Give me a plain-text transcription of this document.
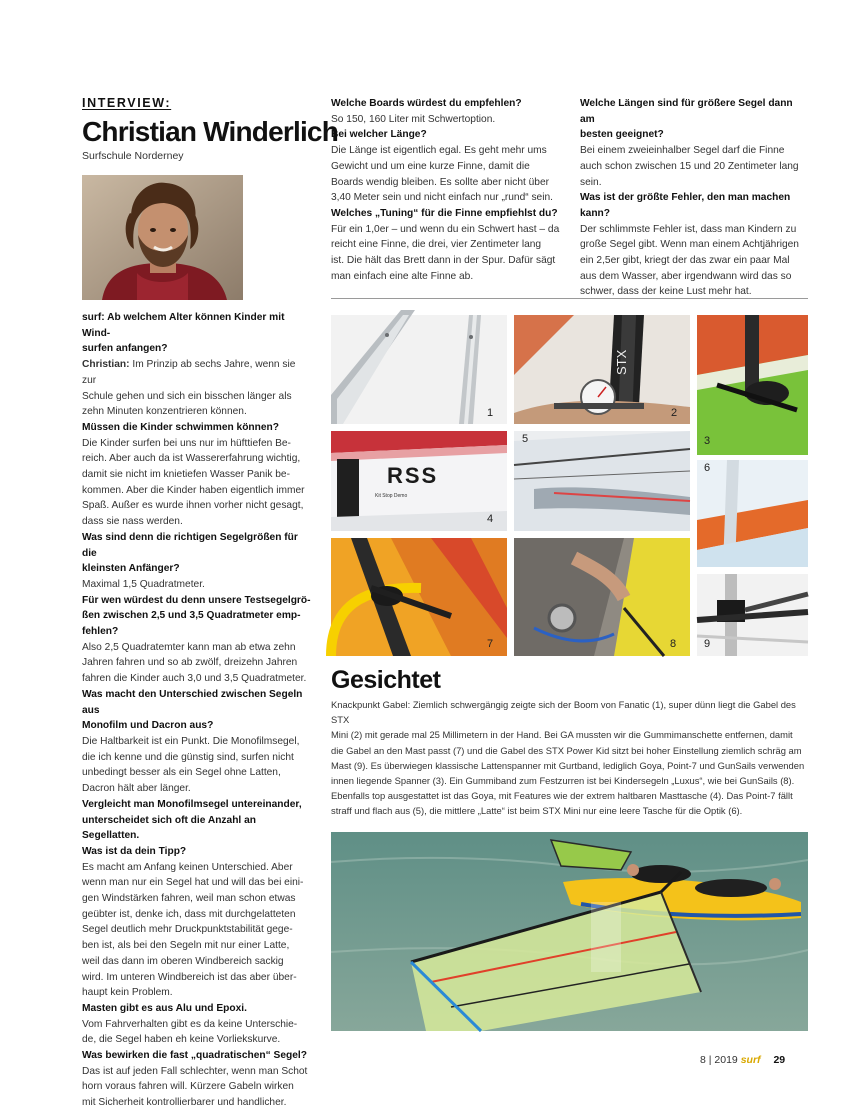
INTERVIEW:
Christian Winderlich
Surfschule Norderney

surf: Ab welchem Alter können Kinder mit Wind-

surfen anfangen?

Christian: Im Prinzip ab sechs Jahre, wenn sie zur

Schule gehen und sich ein bisschen länger als

zehn Minuten konzentrieren können.

Müssen die Kinder schwimmen können?

Die Kinder surfen bei uns nur im hüfttiefen Be-

reich. Aber auch da ist Wassererfahrung wichtig,

damit sie nicht im knietiefen Wasser Panik be-

kommen. Aber die Kinder haben eigentlich immer

Spaß. Außer es wurde ihnen vorher nicht gesagt,

dass sie nass werden.

Was sind denn die richtigen Segelgrößen für die

kleinsten Anfänger?

Maximal 1,5 Quadratmeter.

Für wen würdest du denn unsere Testsegelgrö-

ßen zwischen 2,5 und 3,5 Quadratmeter emp-

fehlen?

Also 2,5 Quadratemter kann man ab etwa zehn

Jahren fahren und so ab zwölf, dreizehn Jahren

fahren die Kinder auch 3,0 und 3,5 Quadratmeter.

Was macht den Unterschied zwischen Segeln aus

Monofilm und Dacron aus?

Die Haltbarkeit ist ein Punkt. Die Monofilmsegel,

die ich kenne und die günstig sind, surfen nicht

unbedingt besser als ein Segel ohne Latten,

Dacron hält aber länger.

Vergleicht man Monofilmsegel untereinander,

unterscheidet sich oft die Anzahl an Segellatten.

Was ist da dein Tipp?

Es macht am Anfang keinen Unterschied. Aber

wenn man nur ein Segel hat und will das bei eini-

gen Windstärken fahren, weil man schon etwas

geübter ist, denke ich, dass mit durchgelatteten

Segel deutlich mehr Druckpunktstabilität gege-

ben ist, als bei den Segeln mit nur einer Latte,

weil das dann im oberen Windbereich sackig

wird. Im unteren Windbereich ist das aber über-

haupt kein Problem.

Masten gibt es aus Alu und Epoxi.

Vom Fahrverhalten gibt es da keine Unterschie-

de, die Segel haben eh keine Vorliekskurve.

Was bewirken die fast „quadratischen“ Segel?

Das ist auf jeden Fall schlechter, wenn man Schot

horn voraus fahren will. Kürzere Gabeln wirken

mit Sicherheit kontrollierbarer und handlicher.

Welche Boards würdest du empfehlen?

So 150, 160 Liter mit Schwertoption.

Bei welcher Länge?

Die Länge ist eigentlich egal. Es geht mehr ums

Gewicht und um eine kurze Finne, damit die

Boards wendig bleiben. Es sollte aber nicht über

3,40 Meter sein und nicht einfach nur „rund“ sein.

Welches „Tuning“ für die Finne empfiehlst du?

Für ein 1,0er – und wenn du ein Schwert hast – da

reicht eine Finne, die drei, vier Zentimeter lang

ist. Die hält das Brett dann in der Spur. Dafür sägt

man einfach eine alte Finne ab.

Welche Längen sind für größere Segel dann am

besten geeignet?

Bei einem zweieinhalber Segel darf die Finne

auch schon zwischen 15 und 20 Zentimeter lang

sein.

Was ist der größte Fehler, den man machen

kann?

Der schlimmste Fehler ist, dass man Kindern zu

große Segel gibt. Wenn man einem Achtjährigen

ein 2,5er gibt, kriegt der das zwar ein paar Mal

aus dem Wasser, aber irgendwann wird das so

schwer, dass der keine Lust mehr hat.

1
STX
2
3
RSS
Kit Stop Demo
4
5
6
7	8	9
Gesichtet

Knackpunkt Gabel: Ziemlich schwergängig zeigte sich der Boom von Fanatic (1), super dünn liegt die Gabel des STX

Mini (2) mit gerade mal 25 Millimetern in der Hand. Bei GA mussten wir die Gummimanschette entfernen, damit

die Gabel an den Mast passt (7) und die Gabel des STX Power Kid sitzt bei hoher Einstellung ziemlich schräg am

Mast (9). Es überwiegen klassische Lattenspanner mit Gurtband, lediglich Goya, Point-7 und GunSails verwenden

innen liegende Spanner (3). Ein Gummiband zum Festzurren ist bei Kindersegeln „Luxus“, wie bei GunSails (8).

Ebenfalls top ausgestattet ist das Goya, mit Features wie der extrem haltbaren Masttasche (4). Das Point-7 fällt

straff und flach aus (5), die mittlere „Latte“ ist beim STX Mini nur eine leere Tasche für die Optik (6).

8 | 2019 surf 29
